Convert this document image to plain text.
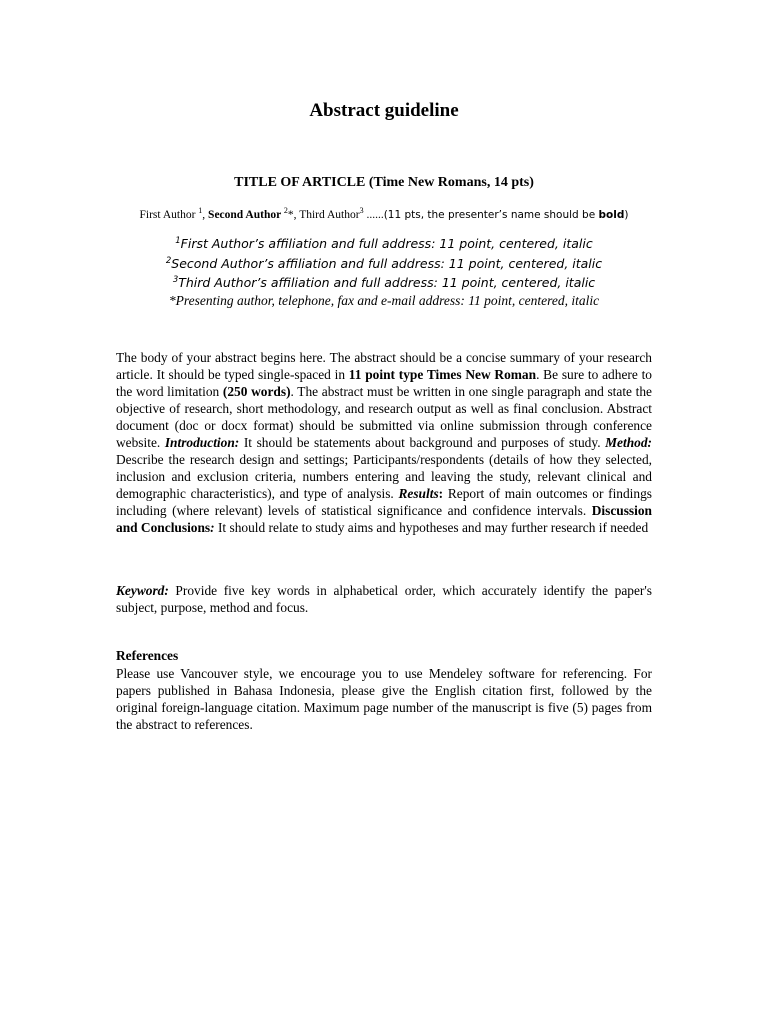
Abstract guideline
TITLE OF ARTICLE (Time New Romans, 14 pts)
First Author $^1$, Second Author $^2$*, Third Author$^3$ ......(11 pts, the presenter’s name should be bold)
$^1$First Author’s affiliation and full address: 11 point, centered, italic
$^2$Second Author’s affiliation and full address: 11 point, centered, italic
$^3$Third Author’s affiliation and full address: 11 point, centered, italic
*Presenting author, telephone, fax and e-mail address: 11 point, centered, italic

The body of your abstract begins here. The abstract should be a concise summary of your research article. It should be typed single-spaced in 11 point type Times New Roman. Be sure to adhere to the word limitation (250 words). The abstract must be written in one single paragraph and state the objective of research, short methodology, and research output as well as final conclusion. Abstract document (doc or docx format) should be submitted via online submission through conference website. Introduction: It should be statements about background and purposes of study. Method: Describe the research design and settings; Participants/respondents (details of how they selected, inclusion and exclusion criteria, numbers entering and leaving the study, relevant clinical and demographic characteristics), and type of analysis. Results: Report of main outcomes or findings including (where relevant) levels of statistical significance and confidence intervals. Discussion and Conclusions: It should relate to study aims and hypotheses and may further research if needed

Keyword: Provide five key words in alphabetical order, which accurately identify the paper's subject, purpose, method and focus.

References

Please use Vancouver style, we encourage you to use Mendeley software for referencing. For papers published in Bahasa Indonesia, please give the English citation first, followed by the original foreign-language citation. Maximum page number of the manuscript is five (5) pages from the abstract to references.
